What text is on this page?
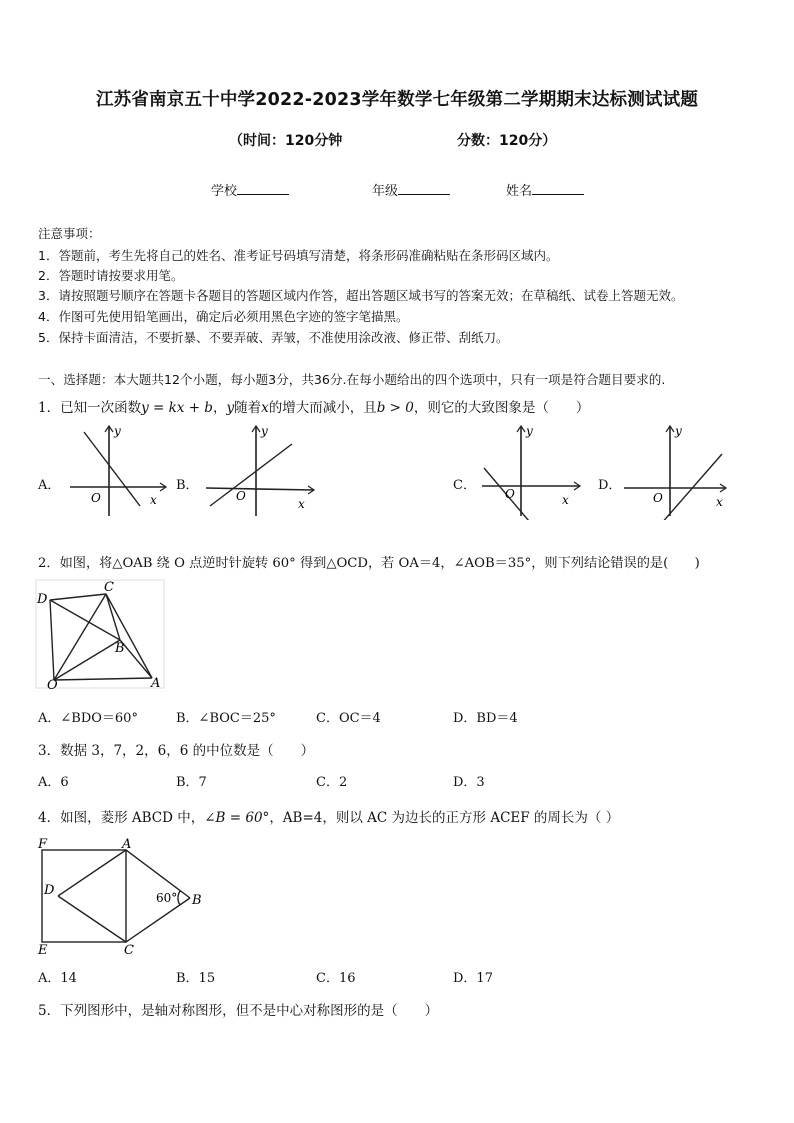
江苏省南京五十中学2022-2023学年数学七年级第二学期期末达标测试试题
（时间：120分钟	分数：120分）
学校	年级	姓名
注意事项：
1．答题前，考生先将自己的姓名、准考证号码填写清楚，将条形码准确粘贴在条形码区域内。
2．答题时请按要求用笔。
3．请按照题号顺序在答题卡各题目的答题区域内作答，超出答题区域书写的答案无效；在草稿纸、试卷上答题无效。
4．作图可先使用铅笔画出，确定后必须用黑色字迹的签字笔描黑。
5．保持卡面清洁，不要折暴、不要弄破、弄皱，不准使用涂改液、修正带、刮纸刀。
一、选择题：本大题共12个小题，每小题3分，共36分.在每小题给出的四个选项中，只有一项是符合题目要求的.
1．已知一次函数y = kx + b，y随着x的增大而减小，且b > 0，则它的大致图象是（　　）
A．	B．	C．	D．
y
O	x
y
O
x
y
O	x
y
O	x
2．如图，将△OAB 绕 O 点逆时针旋转 60° 得到△OCD，若 OA＝4，∠AOB＝35°，则下列结论错误的是(　　)
D
C
B
O	A
A．∠BDO＝60°	B．∠BOC＝25°	C．OC＝4	D．BD＝4
3．数据 3，7，2，6，6 的中位数是（　　）
A．6	B．7	C．2	D．3
4．如图，菱形 ABCD 中，∠B = 60°，AB=4，则以 AC 为边长的正方形 ACEF 的周长为（ ）
F	A
D	60° B
E	C
A．14	B．15	C．16	D．17
5．下列图形中，是轴对称图形，但不是中心对称图形的是（　　）
